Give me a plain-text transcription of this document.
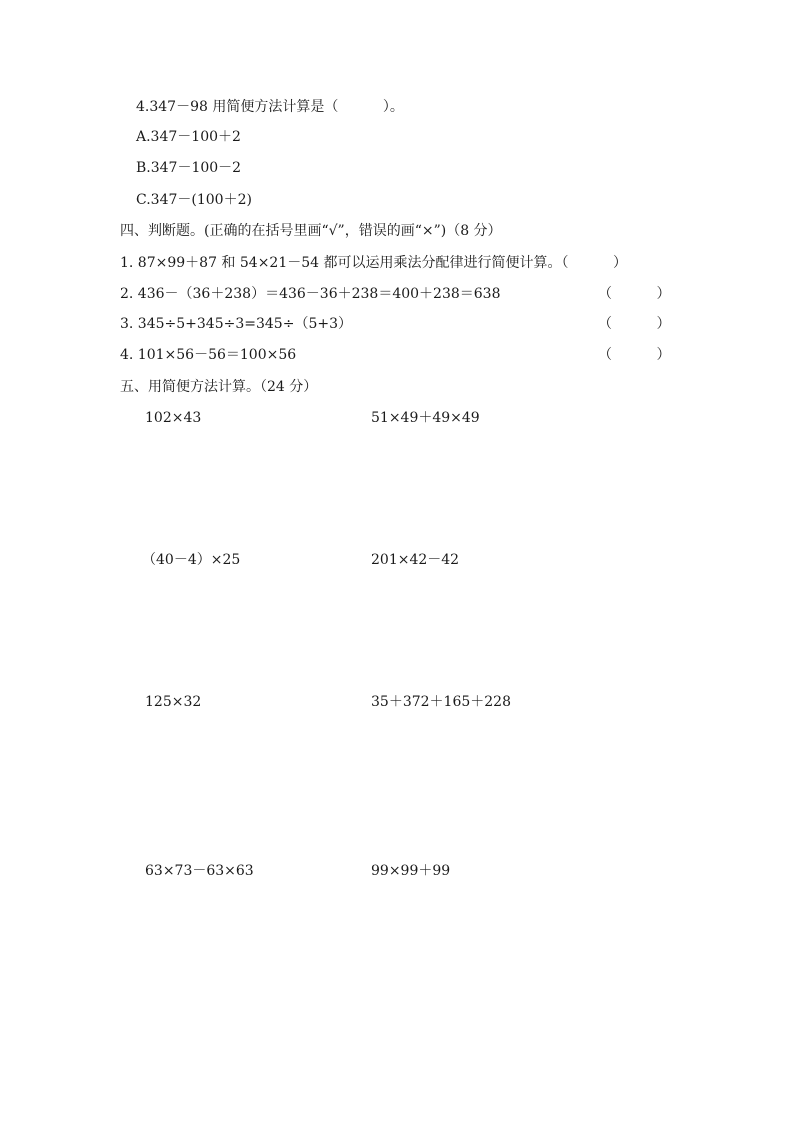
4.347－98 用简便方法计算是（          ）。
A.347－100＋2
B.347－100－2
C.347－(100＋2)
四、判断题。(正确的在括号里画“√”，错误的画“×”)（8 分）
1. 87×99＋87 和 54×21－54 都可以运用乘法分配律进行简便计算。（          ）
2. 436－（36＋238）＝436－36＋238＝400＋238＝638	（          ）
3. 345÷5+345÷3=345÷（5+3）	（          ）
4. 101×56－56＝100×56	（          ）
五、用简便方法计算。（24 分）
102×43	51×49＋49×49
（40－4）×25	201×42－42
125×32	35＋372＋165＋228
63×73－63×63	99×99＋99
